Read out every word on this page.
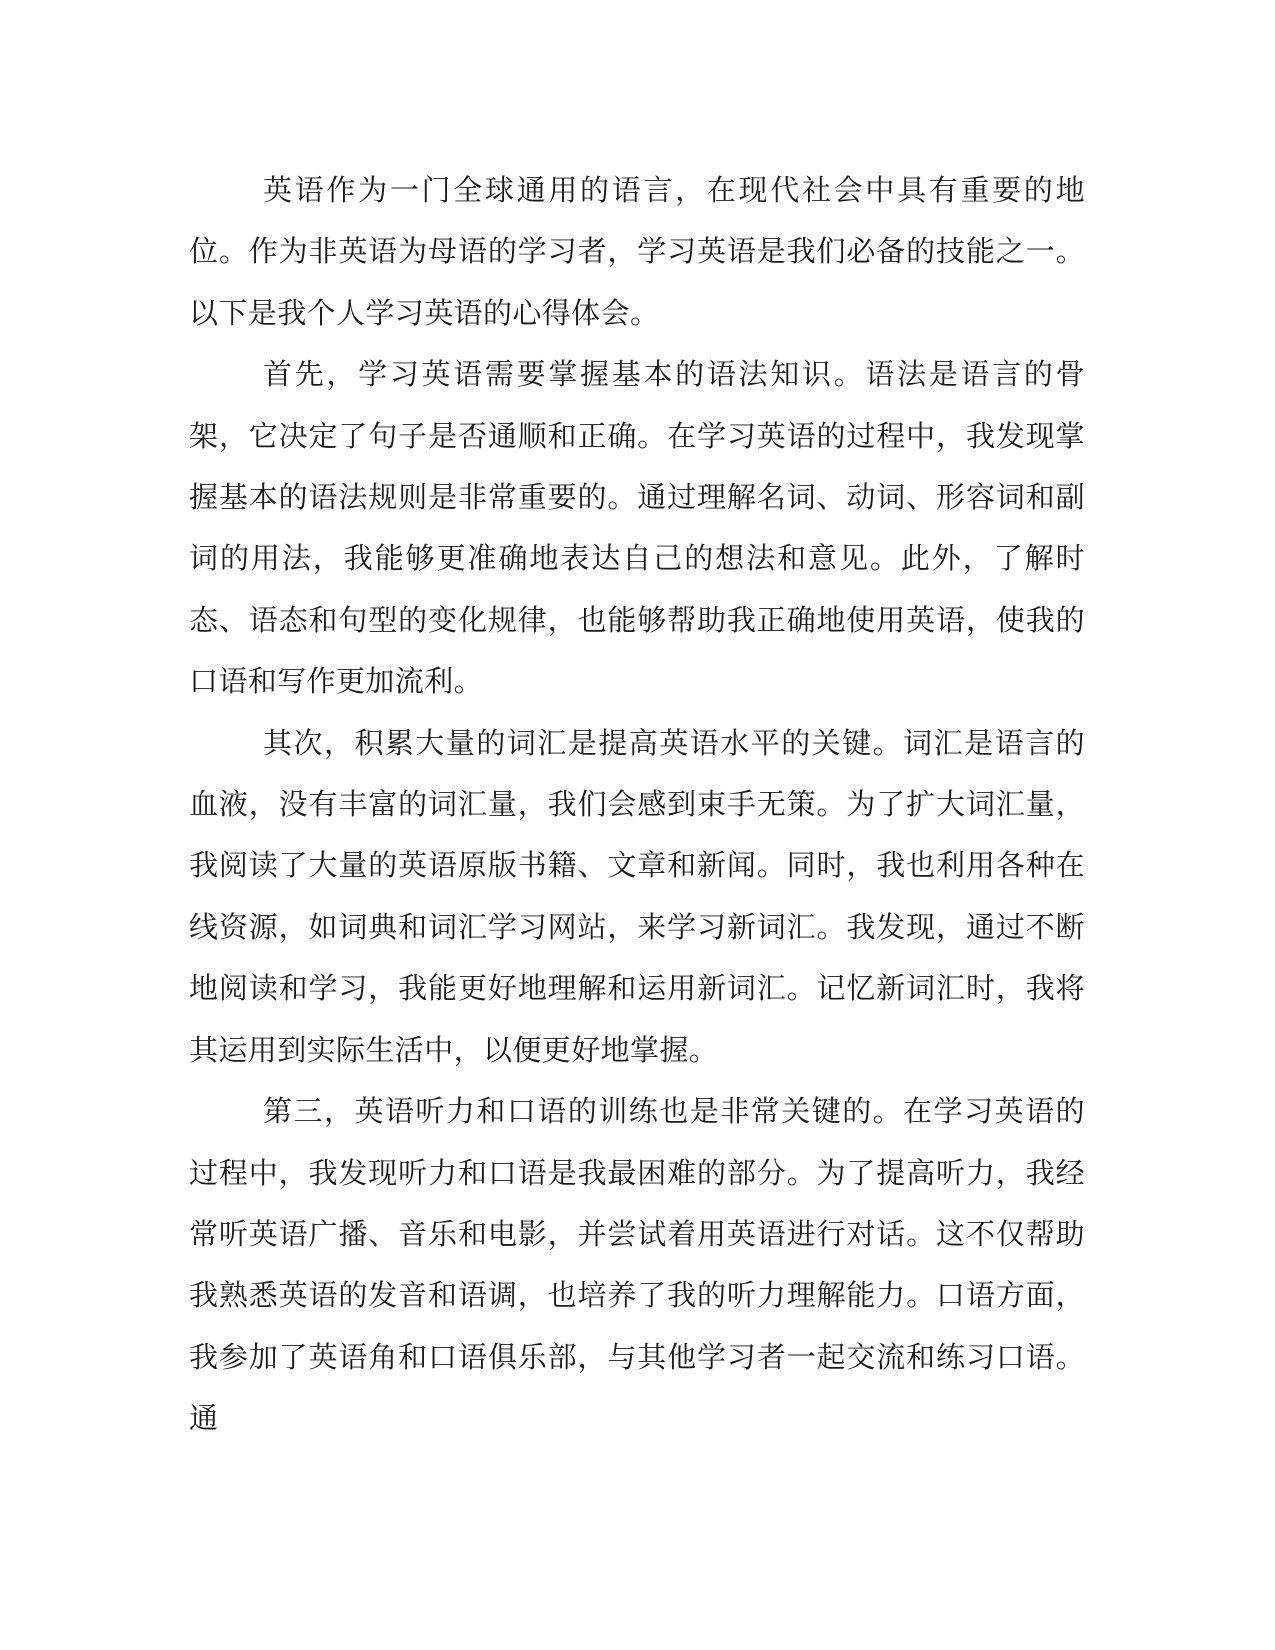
英语作为一门全球通用的语言，在现代社会中具有重要的地位。作为非英语为母语的学习者，学习英语是我们必备的技能之一。以下是我个人学习英语的心得体会。

首先，学习英语需要掌握基本的语法知识。语法是语言的骨架，它决定了句子是否通顺和正确。在学习英语的过程中，我发现掌握基本的语法规则是非常重要的。通过理解名词、动词、形容词和副词的用法，我能够更准确地表达自己的想法和意见。此外，了解时态、语态和句型的变化规律，也能够帮助我正确地使用英语，使我的口语和写作更加流利。

其次，积累大量的词汇是提高英语水平的关键。词汇是语言的血液，没有丰富的词汇量，我们会感到束手无策。为了扩大词汇量，我阅读了大量的英语原版书籍、文章和新闻。同时，我也利用各种在线资源，如词典和词汇学习网站，来学习新词汇。我发现，通过不断地阅读和学习，我能更好地理解和运用新词汇。记忆新词汇时，我将其运用到实际生活中，以便更好地掌握。

第三，英语听力和口语的训练也是非常关键的。在学习英语的过程中，我发现听力和口语是我最困难的部分。为了提高听力，我经常听英语广播、音乐和电影，并尝试着用英语进行对话。这不仅帮助我熟悉英语的发音和语调，也培养了我的听力理解能力。口语方面，我参加了英语角和口语俱乐部，与其他学习者一起交流和练习口语。通
